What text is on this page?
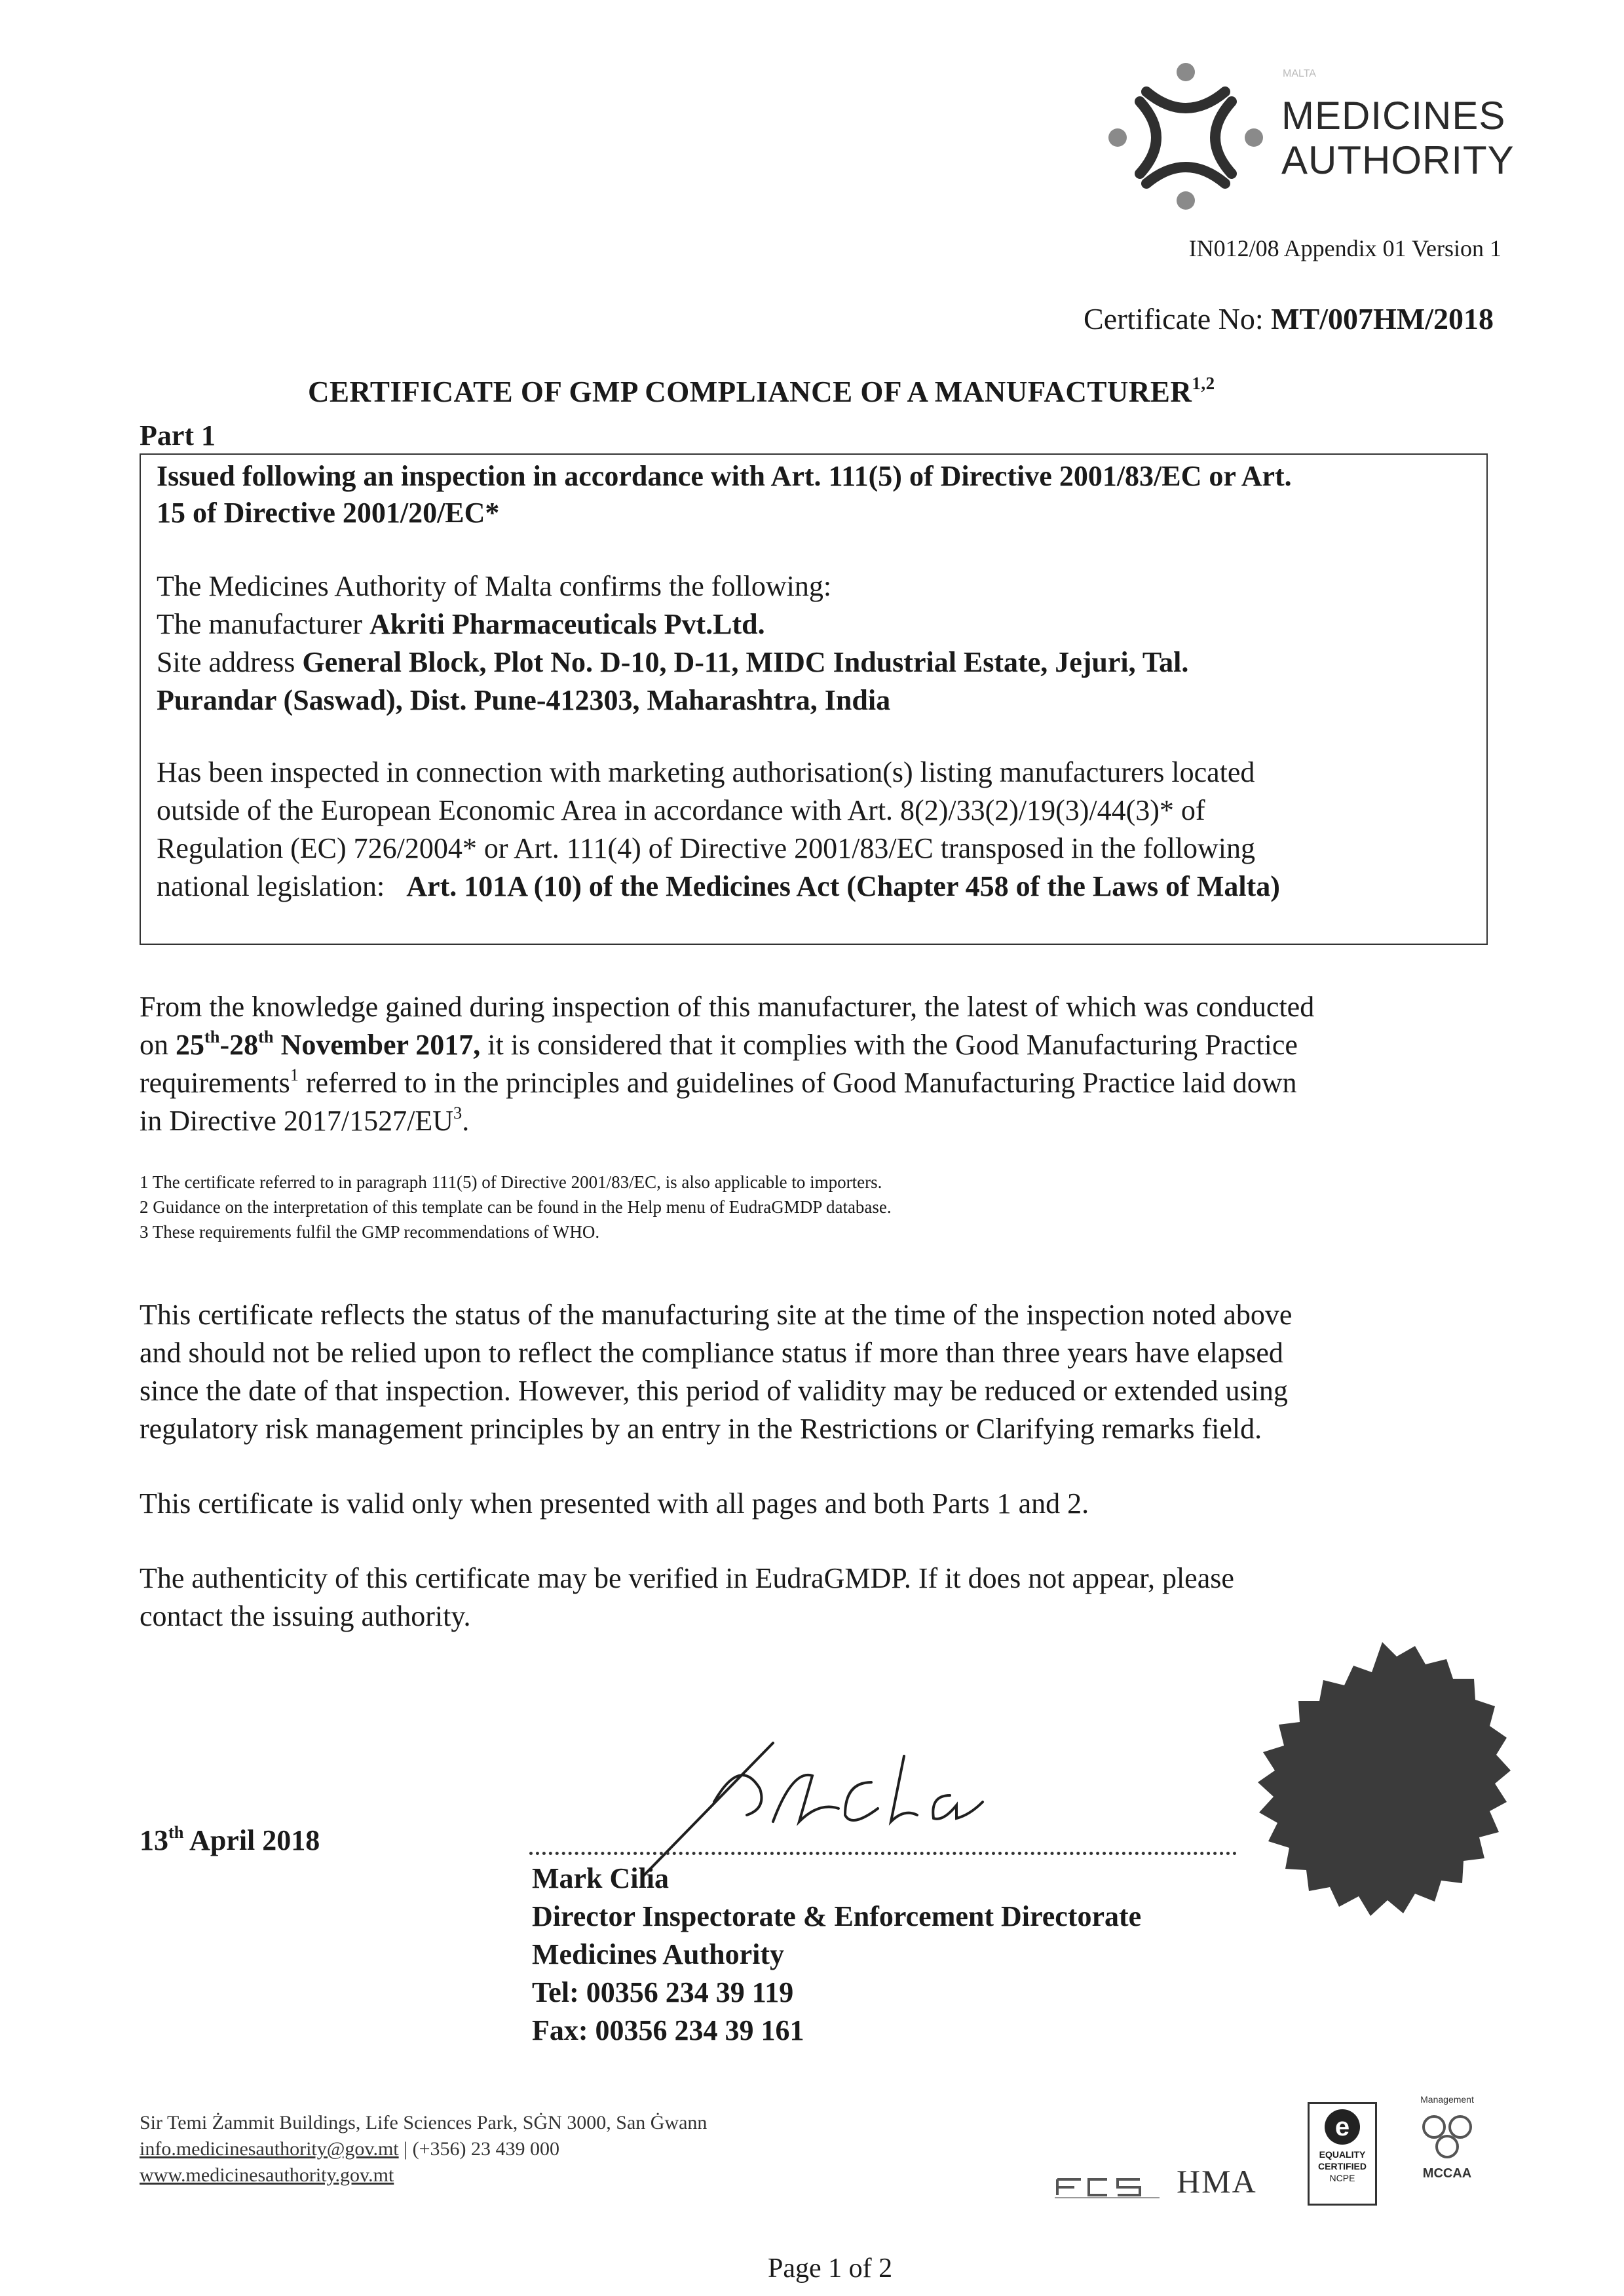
MALTA
MEDICINES
AUTHORITY
IN012/08 Appendix 01 Version 1
Certificate No: MT/007HM/2018
CERTIFICATE OF GMP COMPLIANCE OF A MANUFACTURER$^{1,2}$
Part 1
Issued following an inspection in accordance with Art. 111(5) of Directive 2001/83/EC or Art.
15 of Directive 2001/20/EC*
The Medicines Authority of Malta confirms the following:
The manufacturer Akriti Pharmaceuticals Pvt.Ltd.
Site address General Block, Plot No. D-10, D-11, MIDC Industrial Estate, Jejuri, Tal.
Purandar (Saswad), Dist. Pune-412303, Maharashtra, India
Has been inspected in connection with marketing authorisation(s) listing manufacturers located
outside of the European Economic Area in accordance with Art. 8(2)/33(2)/19(3)/44(3)* of
Regulation (EC) 726/2004* or Art. 111(4) of Directive 2001/83/EC transposed in the following
national legislation: Art. 101A (10) of the Medicines Act (Chapter 458 of the Laws of Malta)
From the knowledge gained during inspection of this manufacturer, the latest of which was conducted
on 25th-28th November 2017, it is considered that it complies with the Good Manufacturing Practice
requirements$^1$ referred to in the principles and guidelines of Good Manufacturing Practice laid down
in Directive $2017/1527/EU^3$.
1 The certificate referred to in paragraph 111(5) of Directive 2001/83/EC, is also applicable to importers.
2 Guidance on the interpretation of this template can be found in the Help menu of EudraGMDP database.
3 These requirements fulfil the GMP recommendations of WHO.
This certificate reflects the status of the manufacturing site at the time of the inspection noted above
and should not be relied upon to reflect the compliance status if more than three years have elapsed
since the date of that inspection. However, this period of validity may be reduced or extended using
regulatory risk management principles by an entry in the Restrictions or Clarifying remarks field.
This certificate is valid only when presented with all pages and both Parts 1 and 2.
The authenticity of this certificate may be verified in EudraGMDP. If it does not appear, please
contact the issuing authority.
13th April 2018
Mark Cilia
Director Inspectorate & Enforcement Directorate
Medicines Authority
Tel: 00356 234 39 119
Fax: 00356 234 39 161
Sir Temi Żammit Buildings, Life Sciences Park, SĠN 3000, San Ġwann
info.medicinesauthority@gov.mt | (+356) 23 439 000
www.medicinesauthority.gov.mt	HMA
e
EQUALITY
CERTIFIED
NCPE
Management
MCCAA
Page 1 of 2
